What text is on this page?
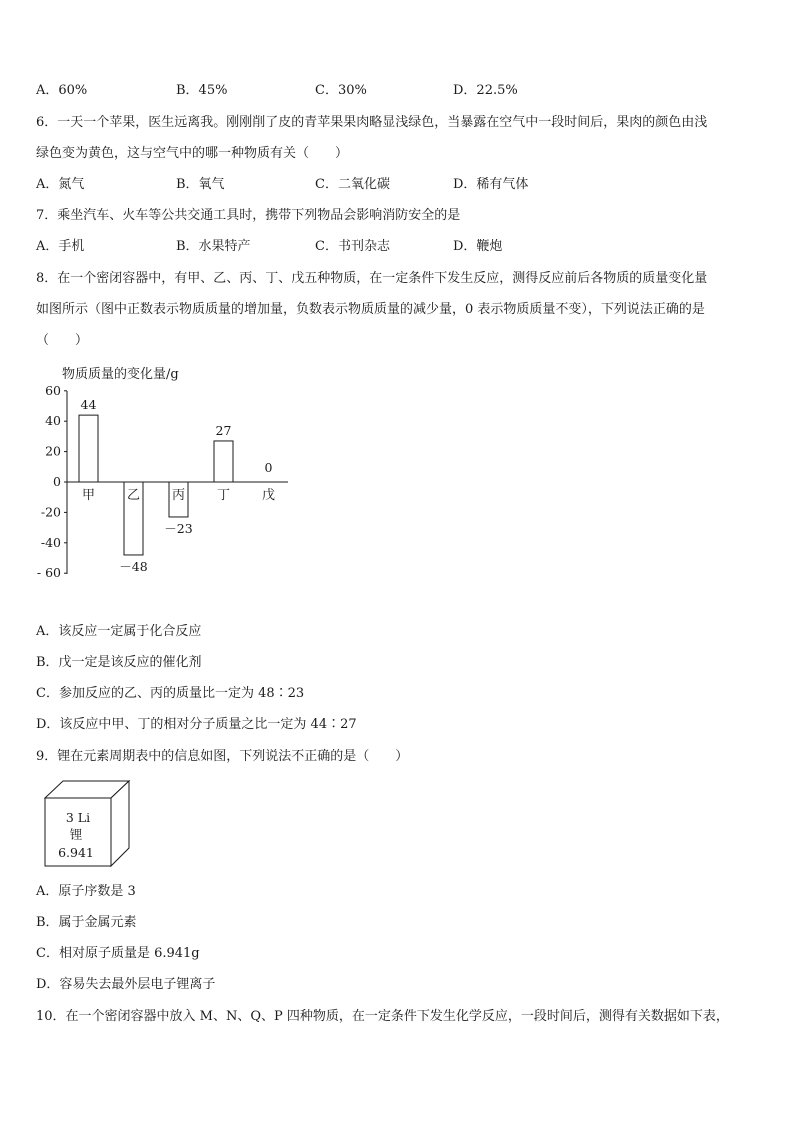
A．60%	B．45%	C．30%	D．22.5%
6．一天一个苹果，医生远离我。刚刚削了皮的青苹果果肉略显浅绿色，当暴露在空气中一段时间后，果肉的颜色由浅
绿色变为黄色，这与空气中的哪一种物质有关（　　）
A．氮气	B．氧气	C．二氧化碳	D．稀有气体
7．乘坐汽车、火车等公共交通工具时，携带下列物品会影响消防安全的是
A．手机	B．水果特产	C．书刊杂志	D．鞭炮
8．在一个密闭容器中，有甲、乙、丙、丁、戊五种物质，在一定条件下发生反应，测得反应前后各物质的质量变化量
如图所示（图中正数表示物质质量的增加量，负数表示物质质量的减少量，0 表示物质质量不变），下列说法正确的是
（　　）
物质质量的变化量/g
60
40
20
0
-20
-40
- 60
甲
44
乙
－48
丙
－23
丁
27
戊
0
A．该反应一定属于化合反应
B．戊一定是该反应的催化剂
C．参加反应的乙、丙的质量比一定为 48∶23
D．该反应中甲、丁的相对分子质量之比一定为 44∶27
9．锂在元素周期表中的信息如图，下列说法不正确的是（　　）
3 Li
锂
6.941
A．原子序数是 3
B．属于金属元素
C．相对原子质量是 6.941g
D．容易失去最外层电子锂离子
10．在一个密闭容器中放入 M、N、Q、P 四种物质，在一定条件下发生化学反应，一段时间后，测得有关数据如下表，
